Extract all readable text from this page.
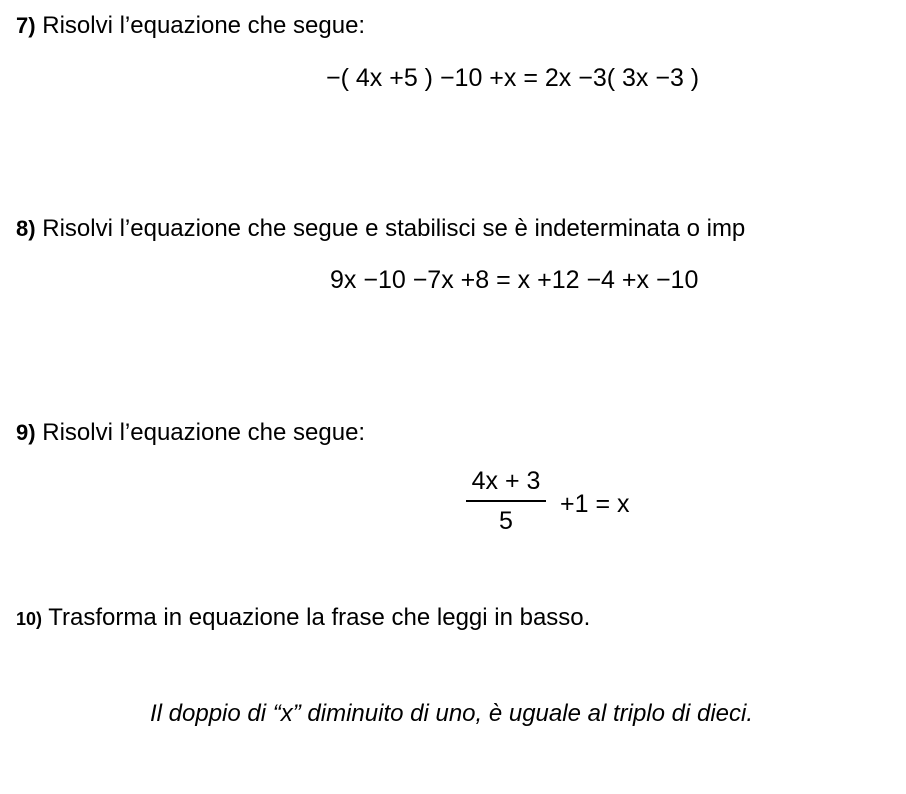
7) Risolvi l’equazione che segue:
−( 4x +5 ) −10 +x = 2x −3( 3x −3 )
8) Risolvi l’equazione che segue e stabilisci se è indeterminata o imp
9x −10 −7x +8 = x +12 −4 +x −10
9) Risolvi l’equazione che segue:
4x + 3
5
+1 = x
10) Trasforma in equazione la frase che leggi in basso.
Il doppio di “x” diminuito di uno, è uguale al triplo di dieci.
